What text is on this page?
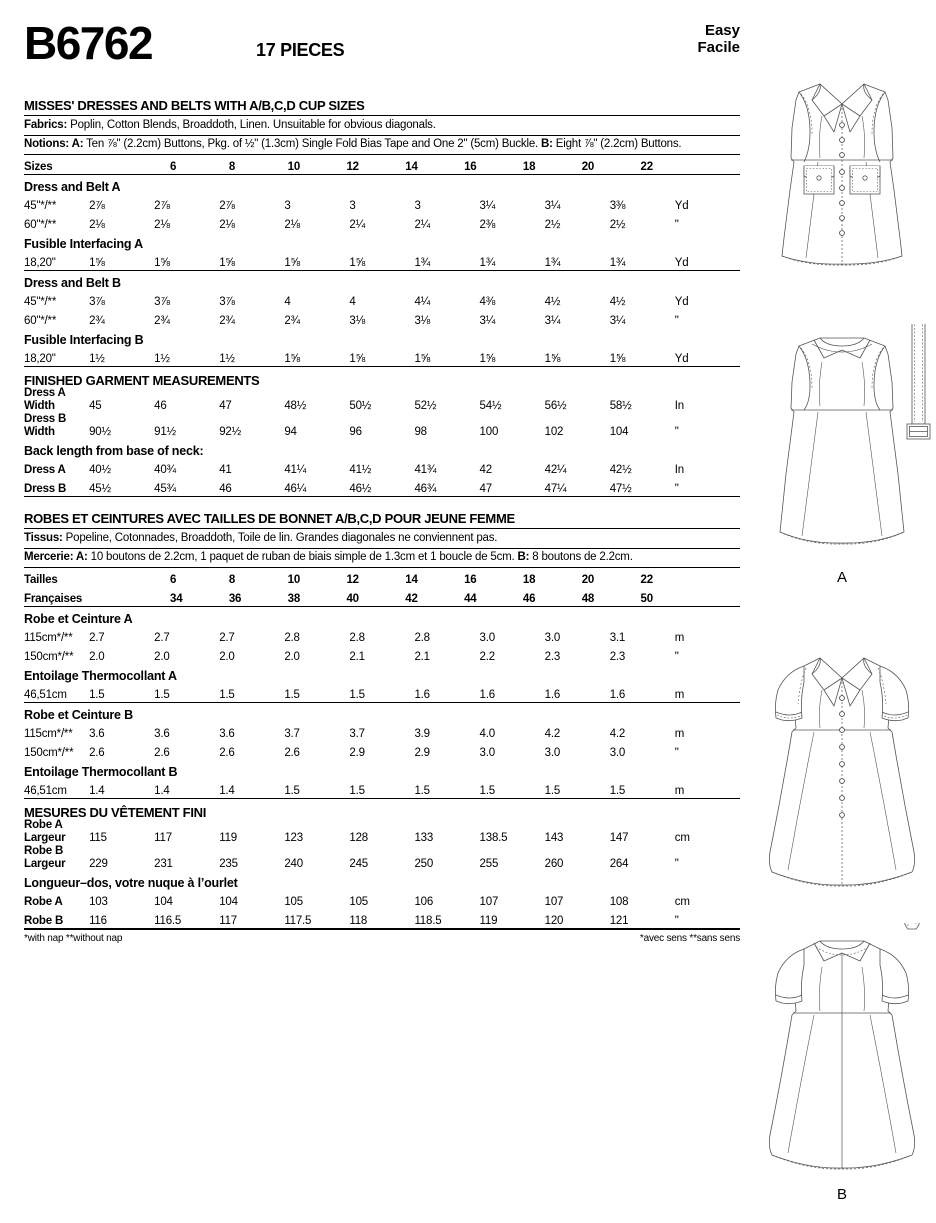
B6762	17 PIECES
Easy
Facile
MISSES' DRESSES AND BELTS WITH A/B,C,D CUP SIZES
Fabrics: Poplin, Cotton Blends, Broaddoth, Linen. Unsuitable for obvious diagonals.
Notions: A: Ten ⅞" (2.2cm) Buttons, Pkg. of ½" (1.3cm) Single Fold Bias Tape and One 2" (5cm) Buckle. B: Eight ⅞" (2.2cm) Buttons.
Sizes	6	8	10	12	14	16	18	20	22	
Dress and Belt A										
45"*/**	2⅞	2⅞	2⅞	3	3	3	3¼	3¼	3⅜	Yd
60"*/**	2⅛	2⅛	2⅛	2⅛	2¼	2¼	2⅜	2½	2½	"
Fusible Interfacing A										
18,20"	1⅝	1⅝	1⅝	1⅝	1⅝	1¾	1¾	1¾	1¾	Yd
Dress and Belt B										
45"*/**	3⅞	3⅞	3⅞	4	4	4¼	4⅜	4½	4½	Yd
60"*/**	2¾	2¾	2¾	2¾	3⅛	3⅛	3¼	3¼	3¼	"
Fusible Interfacing B										
18,20"	1½	1½	1½	1⅝	1⅝	1⅝	1⅝	1⅝	1⅝	Yd
FINISHED GARMENT MEASUREMENTS										
Dress A Width	45	46	47	48½	50½	52½	54½	56½	58½	In
Dress B Width	90½	91½	92½	94	96	98	100	102	104	"
Back length from base of neck:										
Dress A	40½	40¾	41	41¼	41½	41¾	42	42¼	42½	In
Dress B	45½	45¾	46	46¼	46½	46¾	47	47¼	47½	"
ROBES ET CEINTURES AVEC TAILLES DE BONNET A/B,C,D POUR JEUNE FEMME
Tissus: Popeline, Cotonnades, Broaddoth, Toile de lin. Grandes diagonales ne conviennent pas.
Mercerie: A: 10 boutons de 2.2cm, 1 paquet de ruban de biais simple de 1.3cm et 1 boucle de 5cm. B: 8 boutons de 2.2cm.
Tailles	6	8	10	12	14	16	18	20	22	
Françaises	34	36	38	40	42	44	46	48	50	
Robe et Ceinture A										
115cm*/**	2.7	2.7	2.7	2.8	2.8	2.8	3.0	3.0	3.1	m
150cm*/**	2.0	2.0	2.0	2.0	2.1	2.1	2.2	2.3	2.3	"
Entoilage Thermocollant A										
46,51cm	1.5	1.5	1.5	1.5	1.5	1.6	1.6	1.6	1.6	m
Robe et Ceinture B										
115cm*/**	3.6	3.6	3.6	3.7	3.7	3.9	4.0	4.2	4.2	m
150cm*/**	2.6	2.6	2.6	2.6	2.9	2.9	3.0	3.0	3.0	"
Entoilage Thermocollant B										
46,51cm	1.4	1.4	1.4	1.5	1.5	1.5	1.5	1.5	1.5	m
MESURES DU VÊTEMENT FINI										
Robe A Largeur	115	117	119	123	128	133	138.5	143	147	cm
Robe B Largeur	229	231	235	240	245	250	255	260	264	"
Longueur–dos, votre nuque à l’ourlet										
Robe A	103	104	104	105	105	106	107	107	108	cm
Robe B	116	116.5	117	117.5	118	118.5	119	120	121	"
*with nap **without nap	*avec sens **sans sens
A
B
